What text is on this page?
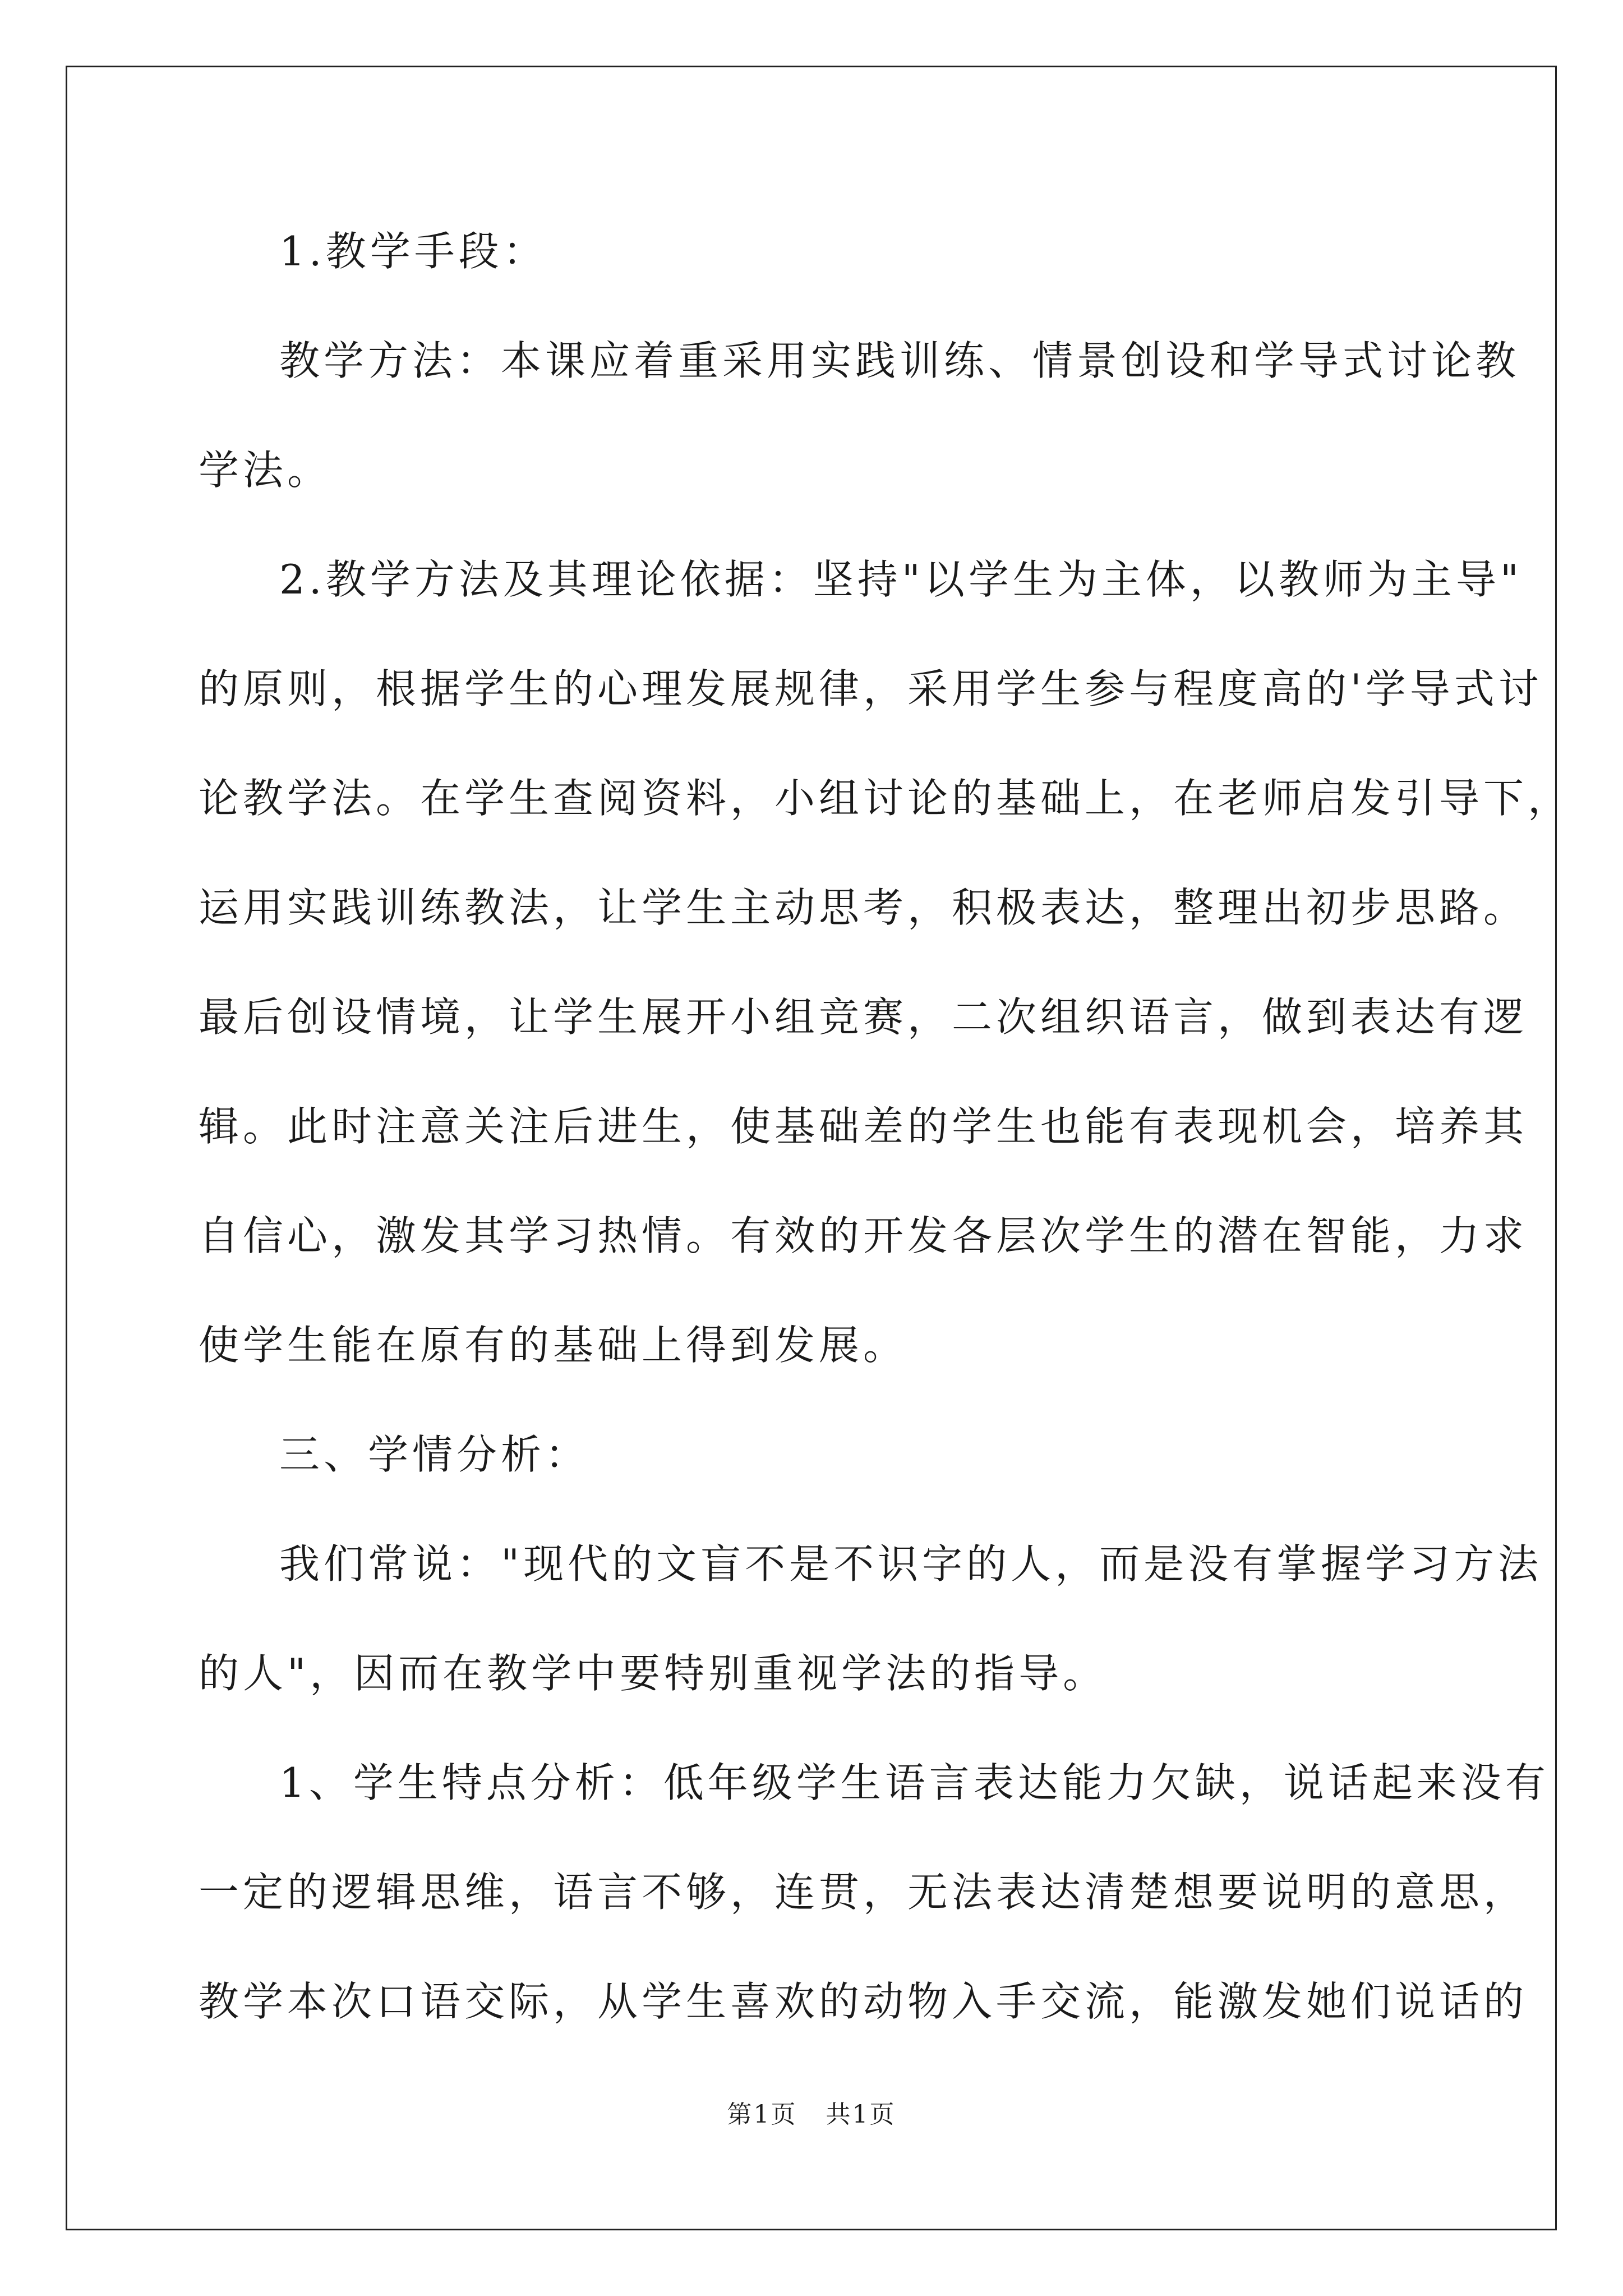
1.教学手段：
教学方法：本课应着重采用实践训练、情景创设和学导式讨论教
学法。
2.教学方法及其理论依据：坚持"以学生为主体，以教师为主导"
的原则，根据学生的心理发展规律，采用学生参与程度高的'学导式讨
论教学法。在学生查阅资料，小组讨论的基础上，在老师启发引导下，
运用实践训练教法，让学生主动思考，积极表达，整理出初步思路。
最后创设情境，让学生展开小组竞赛，二次组织语言，做到表达有逻
辑。此时注意关注后进生，使基础差的学生也能有表现机会，培养其
自信心，激发其学习热情。有效的开发各层次学生的潜在智能，力求
使学生能在原有的基础上得到发展。
三、学情分析：
我们常说："现代的文盲不是不识字的人，而是没有掌握学习方法
的人"，因而在教学中要特别重视学法的指导。
1、学生特点分析：低年级学生语言表达能力欠缺，说话起来没有
一定的逻辑思维，语言不够，连贯，无法表达清楚想要说明的意思，
教学本次口语交际，从学生喜欢的动物入手交流，能激发她们说话的
第1页   共1页
